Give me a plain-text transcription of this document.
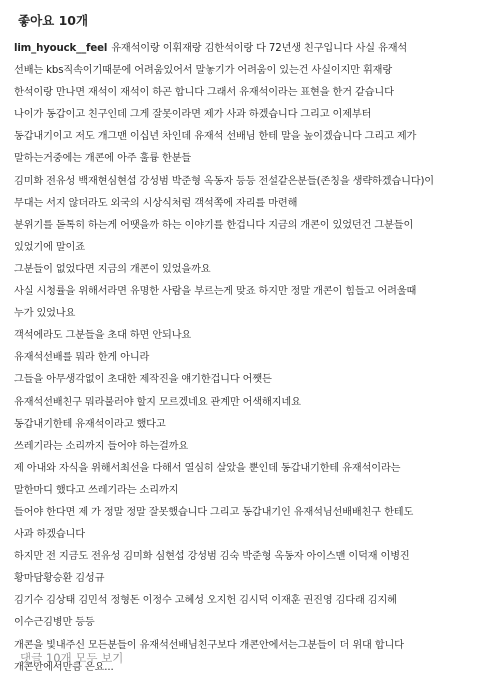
좋아요 10개
lim_hyouck__feel 유재석이랑 이휘재랑 김한석이랑 다 72년생 친구입니다 사실 유재석
선배는 kbs직속이기때문에 어려움있어서 말놓기가 어려움이 있는건 사실이지만 휘재랑
한석이랑 만나면 재석이 재석이 하곤 합니다 그래서 유재석이라는 표현을 한거 같습니다
나이가 동갑이고 친구인데 그게 잘못이라면 제가 사과 하겠습니다 그리고 이제부터
동갑내기이고 저도 개그맨 이십년 차인데 유재석 선배님 한테 말을 높이겠습니다 그리고 제가
말하는거중에는 개콘에 아주 훌륭 한분들
김미화 전유성 백재현심현섭 강성범 박준형 옥동자 등등 전설같은분들(존칭을 생략하겠습니다)이
무대는 서지 않더라도 외국의 시상식처럼 객석쪽에 자리를 마련해
분위기를 돋톡히 하는게 어땟을까 하는 이야기를 한겁니다 지금의 개콘이 있었던건 그분들이
있었기에 말이죠
그분들이 없었다면 지금의 개콘이 있었을까요
사실 시청률을 위해서라면 유명한 사람을 부르는게 맞죠 하지만 정말 개콘이 힘들고 어려울때
누가 있었나요
객석에라도 그분들을 초대 하면 안되나요
유재석선배를 뭐라 한게 아니라
그들을 아무생각없이 초대한 제작진을 얘기한겁니다 어쨋든
유재석선배친구 뭐라불러야 할지 모르겠네요 관계만 어색해지네요
동갑내기한테 유재석이라고 했다고
쓰레기라는 소리까지 들어야 하는걸까요
제 아내와 자식을 위해서최선을 다해서 열심히 살았을 뿐인데 동갑내기한테 유재석이라는
말한마디 했다고 쓰레기라는 소리까지
들어야 한다면 제 가 정말 정말 잘못했습니다 그리고 동갑내기인 유재석님선배배친구 한테도
사과 하겠습니다
하지만 전 지금도 전유성 김미화 심현섭 강성범 김숙 박준형 옥동자 아이스맨 이덕재 이병진
황마담황승환 김성규
김기수 김상태 김민석 정형돈 이정수 고혜성 오지헌 김시덕 이재훈 권진영 김다래 김지혜
이수근김병만 등등
개콘을 빛내주신 모든분들이 유재석선배님친구보다 개콘안에서는그분들이 더 위대 합니다
개콘안에서만큼 은요...
댓글 10개 모두 보기
